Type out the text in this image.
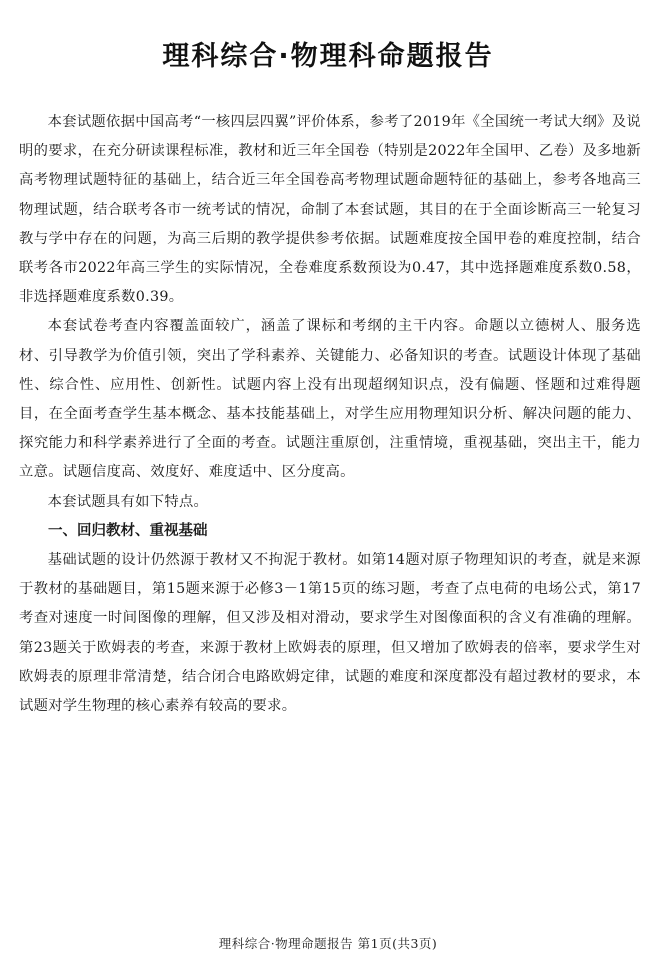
理科综合·物理科命题报告

本套试题依据中国高考“一核四层四翼”评价体系，参考了2019年《全国统一考试大纲》及说明的要求，在充分研读课程标准，教材和近三年全国卷（特别是2022年全国甲、乙卷）及多地新高考物理试题特征的基础上，结合近三年全国卷高考物理试题命题特征的基础上，参考各地高三物理试题，结合联考各市一统考试的情况，命制了本套试题，其目的在于全面诊断高三一轮复习教与学中存在的问题，为高三后期的教学提供参考依据。试题难度按全国甲卷的难度控制，结合联考各市2022年高三学生的实际情况，全卷难度系数预设为0.47，其中选择题难度系数0.58，非选择题难度系数0.39。

本套试卷考查内容覆盖面较广，涵盖了课标和考纲的主干内容。命题以立德树人、服务选材、引导教学为价值引领，突出了学科素养、关键能力、必备知识的考查。试题设计体现了基础性、综合性、应用性、创新性。试题内容上没有出现超纲知识点，没有偏题、怪题和过难得题目，在全面考查学生基本概念、基本技能基础上，对学生应用物理知识分析、解决问题的能力、探究能力和科学素养进行了全面的考查。试题注重原创，注重情境，重视基础，突出主干，能力立意。试题信度高、效度好、难度适中、区分度高。

本套试题具有如下特点。

一、回归教材、重视基础

基础试题的设计仍然源于教材又不拘泥于教材。如第14题对原子物理知识的考查，就是来源于教材的基础题目，第15题来源于必修3－1第15页的练习题，考查了点电荷的电场公式，第17考查对速度一时间图像的理解，但又涉及相对滑动，要求学生对图像面积的含义有准确的理解。第23题关于欧姆表的考查，来源于教材上欧姆表的原理，但又增加了欧姆表的倍率，要求学生对欧姆表的原理非常清楚，结合闭合电路欧姆定律，试题的难度和深度都没有超过教材的要求，本试题对学生物理的核心素养有较高的要求。

理科综合·物理命题报告 第1页(共3页)
